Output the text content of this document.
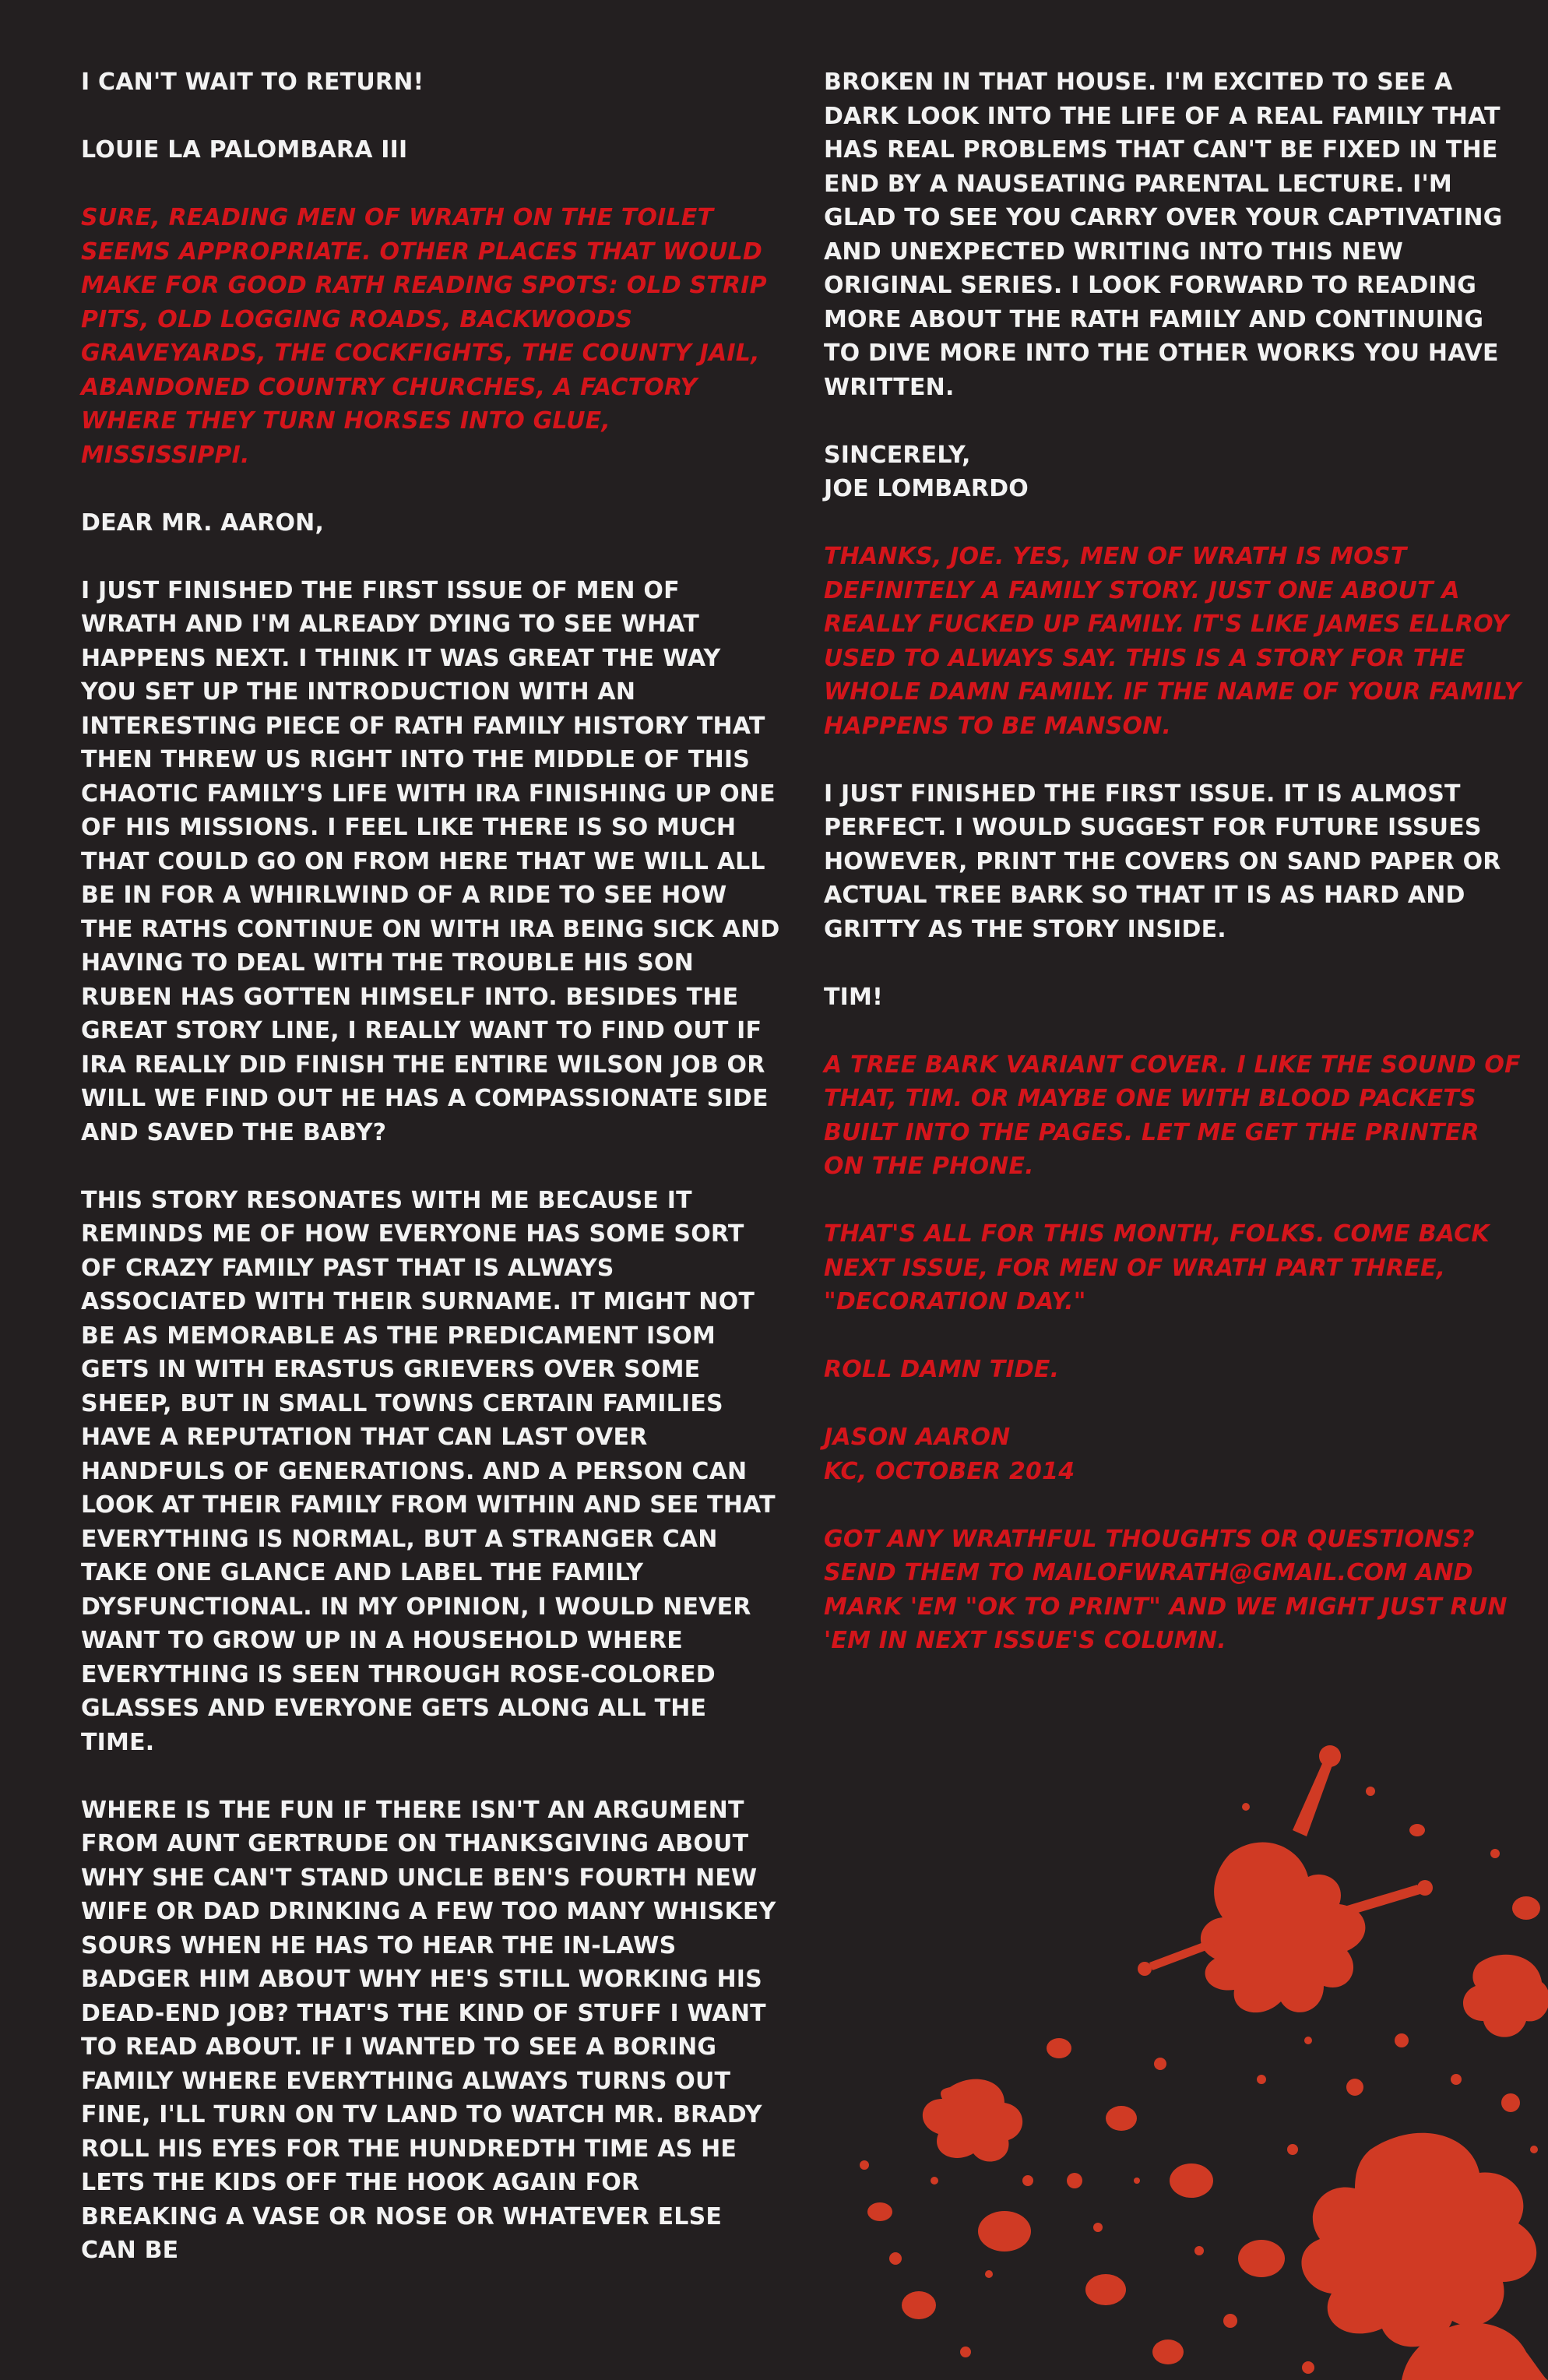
I CAN'T WAIT TO RETURN!

LOUIE LA PALOMBARA III

SURE, READING MEN OF WRATH ON THE TOILET SEEMS APPROPRIATE. OTHER PLACES THAT WOULD MAKE FOR GOOD RATH READING SPOTS: OLD STRIP PITS, OLD LOGGING ROADS, BACKWOODS GRAVEYARDS, THE COCKFIGHTS, THE COUNTY JAIL, ABANDONED COUNTRY CHURCHES, A FACTORY WHERE THEY TURN HORSES INTO GLUE, MISSISSIPPI.

DEAR MR. AARON,

I JUST FINISHED THE FIRST ISSUE OF MEN OF WRATH AND I'M ALREADY DYING TO SEE WHAT HAPPENS NEXT. I THINK IT WAS GREAT THE WAY YOU SET UP THE INTRODUCTION WITH AN INTERESTING PIECE OF RATH FAMILY HISTORY THAT THEN THREW US RIGHT INTO THE MIDDLE OF THIS CHAOTIC FAMILY'S LIFE WITH IRA FINISHING UP ONE OF HIS MISSIONS. I FEEL LIKE THERE IS SO MUCH THAT COULD GO ON FROM HERE THAT WE WILL ALL BE IN FOR A WHIRLWIND OF A RIDE TO SEE HOW THE RATHS CONTINUE ON WITH IRA BEING SICK AND HAVING TO DEAL WITH THE TROUBLE HIS SON RUBEN HAS GOTTEN HIMSELF INTO. BESIDES THE GREAT STORY LINE, I REALLY WANT TO FIND OUT IF IRA REALLY DID FINISH THE ENTIRE WILSON JOB OR WILL WE FIND OUT HE HAS A COMPASSIONATE SIDE AND SAVED THE BABY?

THIS STORY RESONATES WITH ME BECAUSE IT REMINDS ME OF HOW EVERYONE HAS SOME SORT OF CRAZY FAMILY PAST THAT IS ALWAYS ASSOCIATED WITH THEIR SURNAME. IT MIGHT NOT BE AS MEMORABLE AS THE PREDICAMENT ISOM GETS IN WITH ERASTUS GRIEVERS OVER SOME SHEEP, BUT IN SMALL TOWNS CERTAIN FAMILIES HAVE A REPUTATION THAT CAN LAST OVER HANDFULS OF GENERATIONS. AND A PERSON CAN LOOK AT THEIR FAMILY FROM WITHIN AND SEE THAT EVERYTHING IS NORMAL, BUT A STRANGER CAN TAKE ONE GLANCE AND LABEL THE FAMILY DYSFUNCTIONAL. IN MY OPINION, I WOULD NEVER WANT TO GROW UP IN A HOUSEHOLD WHERE EVERYTHING IS SEEN THROUGH ROSE-COLORED GLASSES AND EVERYONE GETS ALONG ALL THE TIME.

WHERE IS THE FUN IF THERE ISN'T AN ARGUMENT FROM AUNT GERTRUDE ON THANKSGIVING ABOUT WHY SHE CAN'T STAND UNCLE BEN'S FOURTH NEW WIFE OR DAD DRINKING A FEW TOO MANY WHISKEY SOURS WHEN HE HAS TO HEAR THE IN-LAWS BADGER HIM ABOUT WHY HE'S STILL WORKING HIS DEAD-END JOB? THAT'S THE KIND OF STUFF I WANT TO READ ABOUT. IF I WANTED TO SEE A BORING FAMILY WHERE EVERYTHING ALWAYS TURNS OUT FINE, I'LL TURN ON TV LAND TO WATCH MR. BRADY ROLL HIS EYES FOR THE HUNDREDTH TIME AS HE LETS THE KIDS OFF THE HOOK AGAIN FOR BREAKING A VASE OR NOSE OR WHATEVER ELSE CAN BE

BROKEN IN THAT HOUSE. I'M EXCITED TO SEE A DARK LOOK INTO THE LIFE OF A REAL FAMILY THAT HAS REAL PROBLEMS THAT CAN'T BE FIXED IN THE END BY A NAUSEATING PARENTAL LECTURE. I'M GLAD TO SEE YOU CARRY OVER YOUR CAPTIVATING AND UNEXPECTED WRITING INTO THIS NEW ORIGINAL SERIES. I LOOK FORWARD TO READING MORE ABOUT THE RATH FAMILY AND CONTINUING TO DIVE MORE INTO THE OTHER WORKS YOU HAVE WRITTEN.

SINCERELY,

JOE LOMBARDO

THANKS, JOE. YES, MEN OF WRATH IS MOST DEFINITELY A FAMILY STORY. JUST ONE ABOUT A REALLY FUCKED UP FAMILY. IT'S LIKE JAMES ELLROY USED TO ALWAYS SAY. THIS IS A STORY FOR THE WHOLE DAMN FAMILY. IF THE NAME OF YOUR FAMILY HAPPENS TO BE MANSON.

I JUST FINISHED THE FIRST ISSUE. IT IS ALMOST PERFECT. I WOULD SUGGEST FOR FUTURE ISSUES HOWEVER, PRINT THE COVERS ON SAND PAPER OR ACTUAL TREE BARK SO THAT IT IS AS HARD AND GRITTY AS THE STORY INSIDE.

TIM!

A TREE BARK VARIANT COVER. I LIKE THE SOUND OF THAT, TIM. OR MAYBE ONE WITH BLOOD PACKETS BUILT INTO THE PAGES. LET ME GET THE PRINTER ON THE PHONE.

THAT'S ALL FOR THIS MONTH, FOLKS. COME BACK NEXT ISSUE, FOR MEN OF WRATH PART THREE, "DECORATION DAY."

ROLL DAMN TIDE.

JASON AARON

KC, OCTOBER 2014

GOT ANY WRATHFUL THOUGHTS OR QUESTIONS? SEND THEM TO MAILOFWRATH@GMAIL.COM AND MARK 'EM "OK TO PRINT" AND WE MIGHT JUST RUN 'EM IN NEXT ISSUE'S COLUMN.
